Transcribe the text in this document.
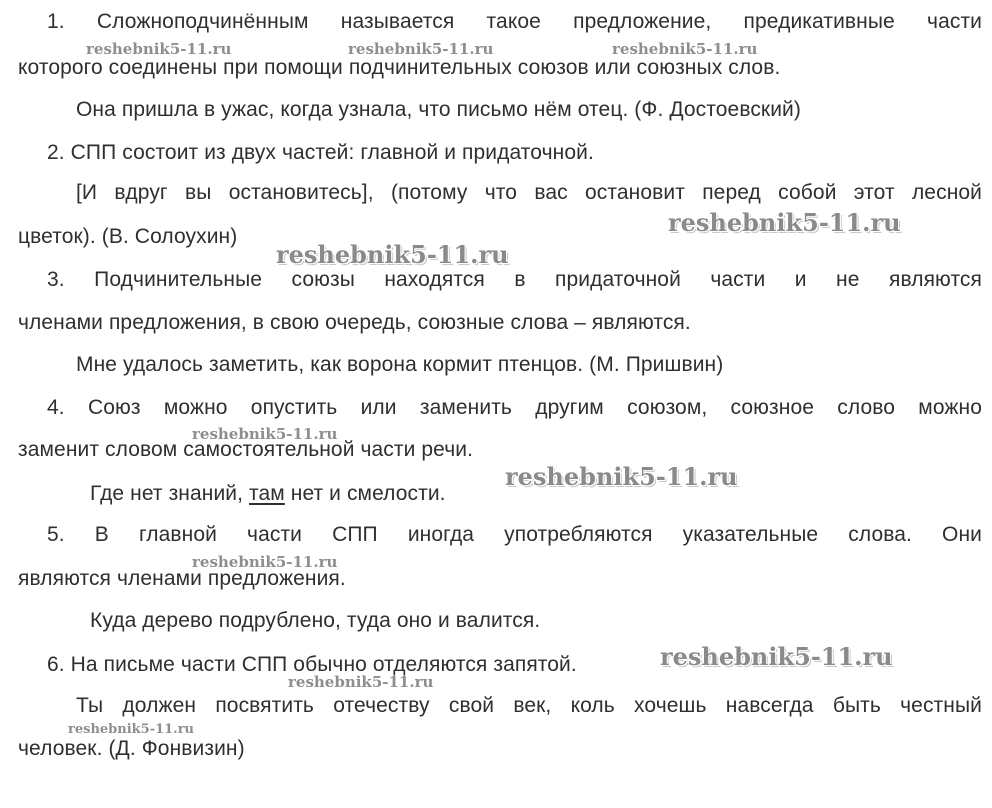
1. Сложноподчинённым называется такое предложение, предикативные части
которого соединены при помощи подчинительных союзов или союзных слов.
Она пришла в ужас, когда узнала, что письмо нём отец. (Ф. Достоевский)
2. СПП состоит из двух частей: главной и придаточной.
[И вдруг вы остановитесь], (потому что вас остановит перед собой этот лесной
цветок). (В. Солоухин)
3. Подчинительные союзы находятся в придаточной части и не являются
членами предложения, в свою очередь, союзные слова – являются.
Мне удалось заметить, как ворона кормит птенцов. (М. Пришвин)
4. Союз можно опустить или заменить другим союзом, союзное слово можно
заменит словом самостоятельной части речи.
Где нет знаний, там нет и смелости.
5. В главной части СПП иногда употребляются указательные слова. Они
являются членами предложения.
Куда дерево подрублено, туда оно и валится.
6. На письме части СПП обычно отделяются запятой.
Ты должен посвятить отечеству свой век, коль хочешь навсегда быть честный
человек. (Д. Фонвизин)
reshebnik5-11.ru	reshebnik5-11.ru	reshebnik5-11.ru
reshebnik5-11.ru
reshebnik5-11.ru
reshebnik5-11.ru
reshebnik5-11.ru
reshebnik5-11.ru
reshebnik5-11.ru
reshebnik5-11.ru
reshebnik5-11.ru
